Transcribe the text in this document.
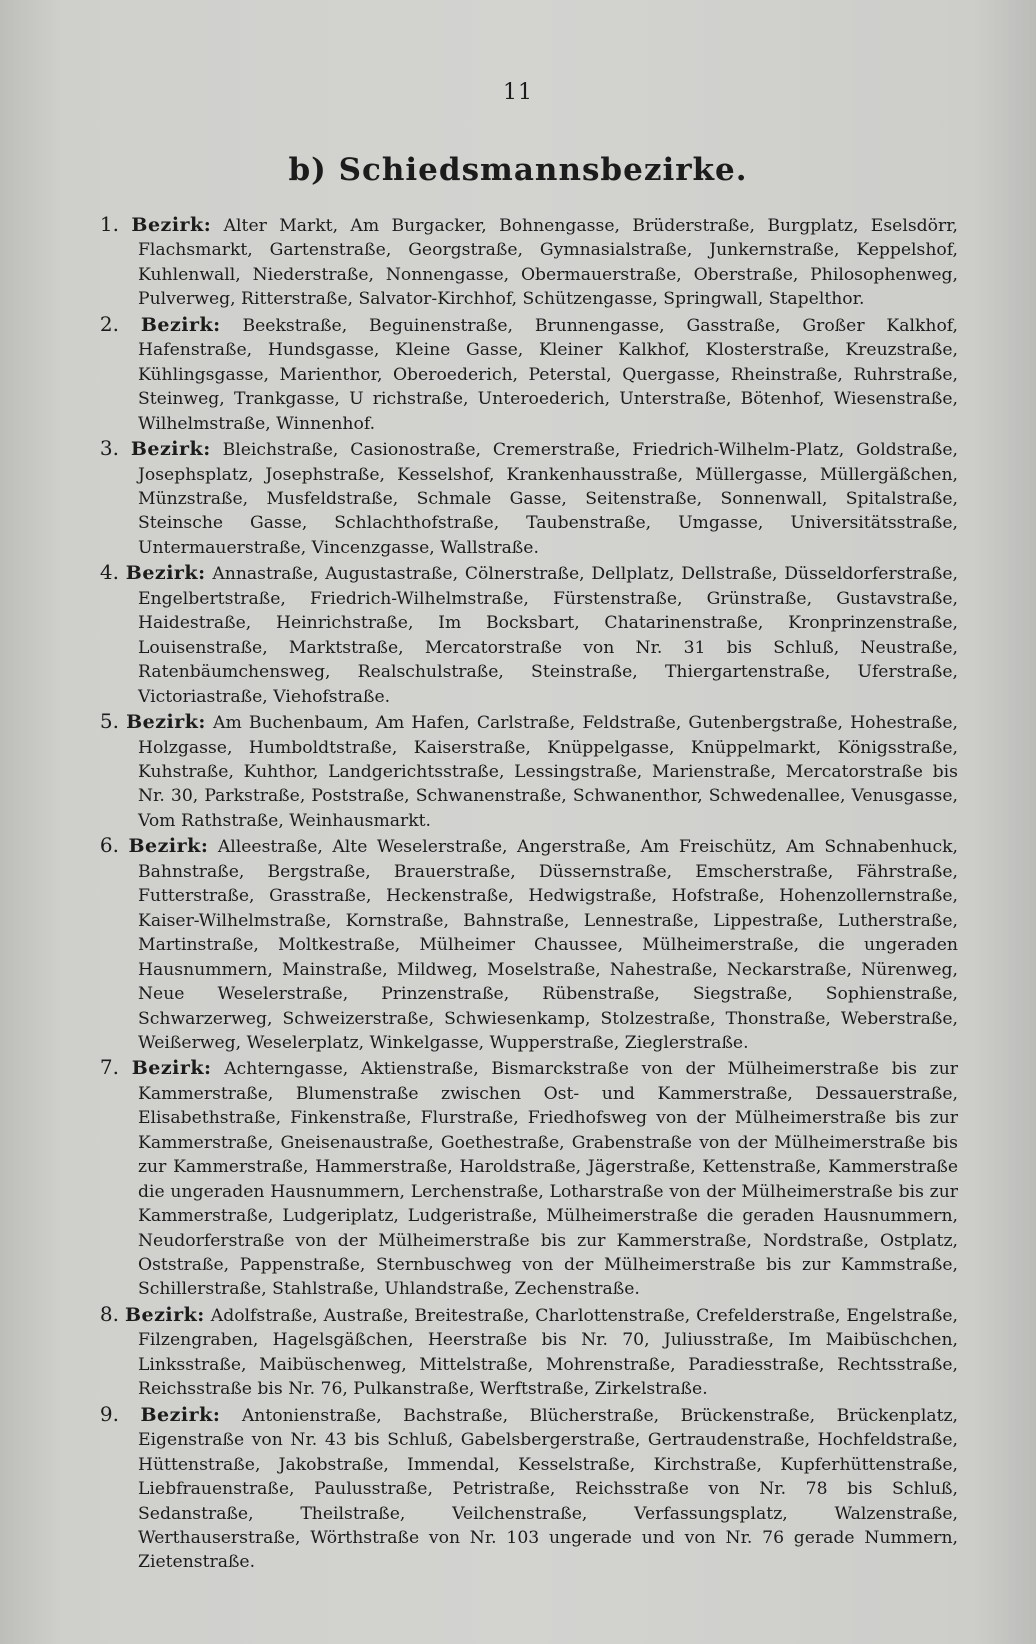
11
b) Schiedsmannsbezirke.

1. Bezirk: Alter Markt, Am Burgacker, Bohnengasse, Brüderstraße, Burgplatz, Eselsdörr, Flachsmarkt, Gartenstraße, Georgstraße, Gymnasialstraße, Junkernstraße, Keppelshof, Kuhlenwall, Niederstraße, Nonnengasse, Obermauerstraße, Oberstraße, Philosophenweg, Pulverweg, Ritterstraße, Salvator-Kirchhof, Schützengasse, Springwall, Stapelthor.

2. Bezirk: Beekstraße, Beguinenstraße, Brunnengasse, Gasstraße, Großer Kalkhof, Hafenstraße, Hundsgasse, Kleine Gasse, Kleiner Kalkhof, Klosterstraße, Kreuzstraße, Kühlingsgasse, Marienthor, Oberoederich, Peterstal, Quergasse, Rheinstraße, Ruhrstraße, Steinweg, Trankgasse, U richstraße, Unteroederich, Unterstraße, Bötenhof, Wiesenstraße, Wilhelmstraße, Winnenhof.

3. Bezirk: Bleichstraße, Casionostraße, Cremerstraße, Friedrich-Wilhelm-Platz, Goldstraße, Josephsplatz, Josephstraße, Kesselshof, Krankenhausstraße, Müllergasse, Müllergäßchen, Münzstraße, Musfeldstraße, Schmale Gasse, Seitenstraße, Sonnenwall, Spitalstraße, Steinsche Gasse, Schlachthofstraße, Taubenstraße, Umgasse, Universitätsstraße, Untermauerstraße, Vincenzgasse, Wallstraße.

4. Bezirk: Annastraße, Augustastraße, Cölnerstraße, Dellplatz, Dellstraße, Düsseldorferstraße, Engelbertstraße, Friedrich-Wilhelmstraße, Fürstenstraße, Grünstraße, Gustavstraße, Haidestraße, Heinrichstraße, Im Bocksbart, Chatarinenstraße, Kronprinzenstraße, Louisenstraße, Marktstraße, Mercatorstraße von Nr. 31 bis Schluß, Neustraße, Ratenbäumchensweg, Realschulstraße, Steinstraße, Thiergartenstraße, Uferstraße, Victoriastraße, Viehofstraße.

5. Bezirk: Am Buchenbaum, Am Hafen, Carlstraße, Feldstraße, Gutenbergstraße, Hohestraße, Holzgasse, Humboldtstraße, Kaiserstraße, Knüppelgasse, Knüppelmarkt, Königsstraße, Kuhstraße, Kuhthor, Landgerichtsstraße, Lessingstraße, Marienstraße, Mercatorstraße bis Nr. 30, Parkstraße, Poststraße, Schwanenstraße, Schwanenthor, Schwedenallee, Venusgasse, Vom Rathstraße, Weinhausmarkt.

6. Bezirk: Alleestraße, Alte Weselerstraße, Angerstraße, Am Freischütz, Am Schnabenhuck, Bahnstraße, Bergstraße, Brauerstraße, Düssernstraße, Emscherstraße, Fährstraße, Futterstraße, Grasstraße, Heckenstraße, Hedwigstraße, Hofstraße, Hohenzollernstraße, Kaiser-Wilhelmstraße, Kornstraße, Bahnstraße, Lennestraße, Lippestraße, Lutherstraße, Martinstraße, Moltkestraße, Mülheimer Chaussee, Mülheimerstraße, die ungeraden Hausnummern, Mainstraße, Mildweg, Moselstraße, Nahestraße, Neckarstraße, Nürenweg, Neue Weselerstraße, Prinzenstraße, Rübenstraße, Siegstraße, Sophienstraße, Schwarzerweg, Schweizerstraße, Schwiesenkamp, Stolzestraße, Thonstraße, Weberstraße, Weißerweg, Weselerplatz, Winkelgasse, Wupperstraße, Zieglerstraße.

7. Bezirk: Achterngasse, Aktienstraße, Bismarckstraße von der Mülheimerstraße bis zur Kammerstraße, Blumenstraße zwischen Ost- und Kammerstraße, Dessauerstraße, Elisabethstraße, Finkenstraße, Flurstraße, Friedhofsweg von der Mülheimerstraße bis zur Kammerstraße, Gneisenaustraße, Goethestraße, Grabenstraße von der Mülheimerstraße bis zur Kammerstraße, Hammerstraße, Haroldstraße, Jägerstraße, Kettenstraße, Kammerstraße die ungeraden Hausnummern, Lerchenstraße, Lotharstraße von der Mülheimerstraße bis zur Kammerstraße, Ludgeriplatz, Ludgeristraße, Mülheimerstraße die geraden Hausnummern, Neudorferstraße von der Mülheimerstraße bis zur Kammerstraße, Nordstraße, Ostplatz, Oststraße, Pappenstraße, Sternbuschweg von der Mülheimerstraße bis zur Kammstraße, Schillerstraße, Stahlstraße, Uhlandstraße, Zechenstraße.

8. Bezirk: Adolfstraße, Austraße, Breitestraße, Charlottenstraße, Crefelderstraße, Engelstraße, Filzengraben, Hagelsgäßchen, Heerstraße bis Nr. 70, Juliusstraße, Im Maibüschchen, Linksstraße, Maibüschenweg, Mittelstraße, Mohrenstraße, Paradiesstraße, Rechtsstraße, Reichsstraße bis Nr. 76, Pulkanstraße, Werftstraße, Zirkelstraße.

9. Bezirk: Antonienstraße, Bachstraße, Blücherstraße, Brückenstraße, Brückenplatz, Eigenstraße von Nr. 43 bis Schluß, Gabelsbergerstraße, Gertraudenstraße, Hochfeldstraße, Hüttenstraße, Jakobstraße, Immendal, Kesselstraße, Kirchstraße, Kupferhüttenstraße, Liebfrauenstraße, Paulusstraße, Petristraße, Reichsstraße von Nr. 78 bis Schluß, Sedanstraße, Theilstraße, Veilchenstraße, Verfassungsplatz, Walzenstraße, Werthauserstraße, Wörthstraße von Nr. 103 ungerade und von Nr. 76 gerade Nummern, Zietenstraße.
